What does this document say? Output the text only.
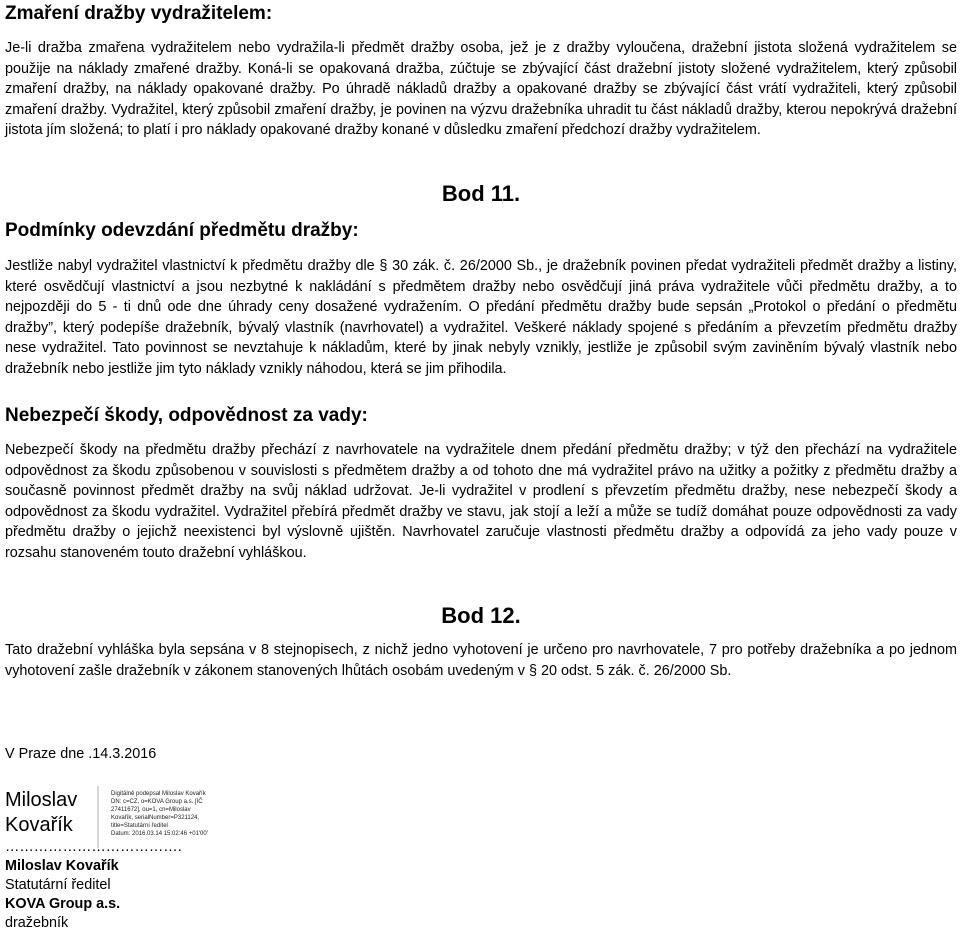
Zmaření dražby vydražitelem:

Je-li dražba zmařena vydražitelem nebo vydražila-li předmět dražby osoba, jež je z dražby vyloučena, dražební jistota složená vydražitelem se použije na náklady zmařené dražby. Koná-li se opakovaná dražba, zúčtuje se zbývající část dražební jistoty složené vydražitelem, který způsobil zmaření dražby, na náklady opakované dražby. Po úhradě nákladů dražby a opakované dražby se zbývající část vrátí vydražiteli, který způsobil zmaření dražby. Vydražitel, který způsobil zmaření dražby, je povinen na výzvu dražebníka uhradit tu část nákladů dražby, kterou nepokrývá dražební jistota jím složená; to platí i pro náklady opakované dražby konané v důsledku zmaření předchozí dražby vydražitelem.

Bod 11.

Podmínky odevzdání předmětu dražby:

Jestliže nabyl vydražitel vlastnictví k předmětu dražby dle § 30 zák. č. 26/2000 Sb., je dražebník povinen předat vydražiteli předmět dražby a listiny, které osvědčují vlastnictví a jsou nezbytné k nakládání s předmětem dražby nebo osvědčují jiná práva vydražitele vůči předmětu dražby, a to nejpozději do 5 - ti dnů ode dne úhrady ceny dosažené vydražením. O předání předmětu dražby bude sepsán „Protokol o předání o předmětu dražby”, který podepíše dražebník, bývalý vlastník (navrhovatel) a vydražitel. Veškeré náklady spojené s předáním a převzetím předmětu dražby nese vydražitel. Tato povinnost se nevztahuje k nákladům, které by jinak nebyly vznikly, jestliže je způsobil svým zaviněním bývalý vlastník nebo dražebník nebo jestliže jim tyto náklady vznikly náhodou, která se jim přihodila.

Nebezpečí škody, odpovědnost za vady:

Nebezpečí škody na předmětu dražby přechází z navrhovatele na vydražitele dnem předání předmětu dražby; v týž den přechází na vydražitele odpovědnost za škodu způsobenou v souvislosti s předmětem dražby a od tohoto dne má vydražitel právo na užitky a požitky z předmětu dražby a současně povinnost předmět dražby na svůj náklad udržovat. Je-li vydražitel v prodlení s převzetím předmětu dražby, nese nebezpečí škody a odpovědnost za škodu vydražitel. Vydražitel přebírá předmět dražby ve stavu, jak stojí a leží a může se tudíž domáhat pouze odpovědnosti za vady předmětu dražby o jejichž neexistenci byl výslovně ujištěn. Navrhovatel zaručuje vlastnosti předmětu dražby a odpovídá za jeho vady pouze v rozsahu stanoveném touto dražební vyhláškou.

Bod 12.

Tato dražební vyhláška byla sepsána v 8 stejnopisech, z nichž jedno vyhotovení je určeno pro navrhovatele, 7 pro potřeby dražebníka a po jednom vyhotovení zašle dražebník v zákonem stanovených lhůtách osobám uvedeným v § 20 odst. 5 zák. č. 26/2000 Sb.

V Praze dne .14.3.2016

Miloslav
Kovařík
Digitálně podepsal Miloslav Kovařík
DN: c=CZ, o=KOVA Group a.s. [IČ
27411672], ou=1, cn=Miloslav
Kovařík, serialNumber=P321124,
title=Statutární ředitel
Datum: 2016.03.14 15:02:46 +01'00'

……………………………….

Miloslav Kovařík

Statutární ředitel

KOVA Group a.s.

dražebník
